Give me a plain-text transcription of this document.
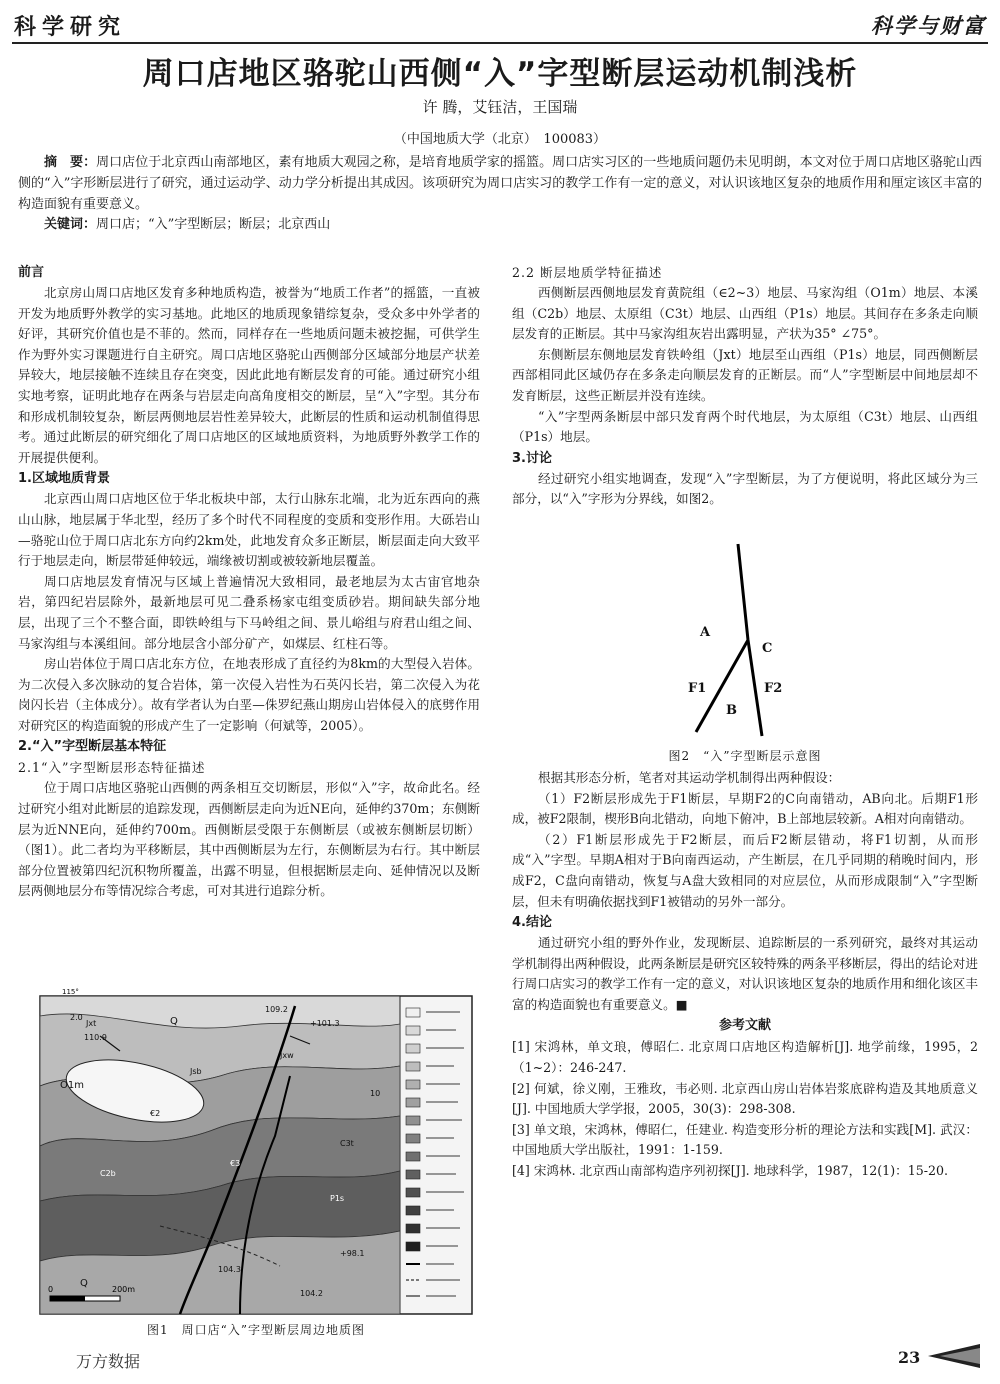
科学研究	科学与财富
周口店地区骆驼山西侧“入”字型断层运动机制浅析
许 腾，艾钰洁，王国瑞
（中国地质大学（北京）　100083）
摘　要：周口店位于北京西山南部地区，素有地质大观园之称，是培育地质学家的摇篮。周口店实习区的一些地质问题仍未见明朗，本文对位于周口店地区骆驼山西侧的“入”字形断层进行了研究，通过运动学、动力学分析提出其成因。该项研究为周口店实习的教学工作有一定的意义，对认识该地区复杂的地质作用和厘定该区丰富的构造面貌有重要意义。
关键词：周口店；“入”字型断层；断层；北京西山
前言

北京房山周口店地区发育多种地质构造，被誉为“地质工作者”的摇篮，一直被开发为地质野外教学的实习基地。此地区的地质现象错综复杂，受众多中外学者的好评，其研究价值也是不菲的。然而，同样存在一些地质问题未被挖掘，可供学生作为野外实习课题进行自主研究。周口店地区骆驼山西侧部分区域部分地层产状差异较大，地层接触不连续且存在突变，因此此地有断层发育的可能。通过研究小组实地考察，证明此地存在两条与岩层走向高角度相交的断层，呈“入”字型。其分布和形成机制较复杂，断层两侧地层岩性差异较大，此断层的性质和运动机制值得思考。通过此断层的研究细化了周口店地区的区域地质资料，为地质野外教学工作的开展提供便利。

1.区域地质背景

北京西山周口店地区位于华北板块中部，太行山脉东北端，北为近东西向的燕山山脉，地层属于华北型，经历了多个时代不同程度的变质和变形作用。大砾岩山—骆驼山位于周口店北东方向约2km处，此地发育众多正断层，断层面走向大致平行于地层走向，断层带延伸较远，端缘被切割或被较新地层覆盖。

周口店地层发育情况与区域上普遍情况大致相同，最老地层为太古宙官地杂岩，第四纪岩层除外，最新地层可见二叠系杨家屯组变质砂岩。期间缺失部分地层，出现了三个不整合面，即铁岭组与下马岭组之间、景儿峪组与府君山组之间、马家沟组与本溪组间。部分地层含小部分矿产，如煤层、红柱石等。

房山岩体位于周口店北东方位，在地表形成了直径约为8km的大型侵入岩体。为二次侵入多次脉动的复合岩体，第一次侵入岩性为石英闪长岩，第二次侵入为花岗闪长岩（主体成分）。故有学者认为白垩—侏罗纪燕山期房山岩体侵入的底劈作用对研究区的构造面貌的形成产生了一定影响（何斌等，2005）。

2.“入”字型断层基本特征
2.1“入”字型断层形态特征描述

位于周口店地区骆驼山西侧的两条相互交切断层，形似“入”字，故命此名。经过研究小组对此断层的追踪发现，西侧断层走向为近NE向，延伸约370m；东侧断层为近NNE向，延伸约700m。西侧断层受限于东侧断层（或被东侧断层切断）（图1）。此二者均为平移断层，其中西侧断层为左行，东侧断层为右行。其中断层部分位置被第四纪沉积物所覆盖，出露不明显，但根据断层走向、延伸情况以及断层两侧地层分布等情况综合考虑，可对其进行追踪分析。

115°
109.2
110.9
+101.3
2.0
Jxt	Q
Jxw
Jsb
O1m
€2
€3
P1s
C3t
C2b
Q
104.3
104.2
+98.1
10
0	200m
图1　周口店“入”字型断层周边地质图
2.2 断层地质学特征描述

西侧断层西侧地层发育黄院组（∈2~3）地层、马家沟组（O1m）地层、本溪组（C2b）地层、太原组（C3t）地层、山西组（P1s）地层。其间存在多条走向顺层发育的正断层。其中马家沟组灰岩出露明显，产状为35° ∠75°。

东侧断层东侧地层发育铁岭组（Jxt）地层至山西组（P1s）地层，同西侧断层西部相同此区域仍存在多条走向顺层发育的正断层。而“人”字型断层中间地层却不发育断层，这些正断层并没有连续。

“入”字型两条断层中部只发育两个时代地层，为太原组（C3t）地层、山西组（P1s）地层。

3.讨论

经过研究小组实地调查，发现“入”字型断层，为了方便说明，将此区域分为三部分，以“入”字形为分界线，如图2。

根据其形态分析，笔者对其运动学机制得出两种假设：

（1）F2断层形成先于F1断层，早期F2的C向南错动，AB向北。后期F1形成，被F2限制，楔形B向北错动，向地下俯冲，B上部地层较新。A相对向南错动。

（2）F1断层形成先于F2断层，而后F2断层错动，将F1切割，从而形成“入”字型。早期A相对于B向南西运动，产生断层，在几乎同期的稍晚时间内，形成F2，C盘向南错动，恢复与A盘大致相同的对应层位，从而形成限制“入”字型断层，但未有明确依据找到F1被错动的另外一部分。

4.结论

通过研究小组的野外作业，发现断层、追踪断层的一系列研究，最终对其运动学机制得出两种假设，此两条断层是研究区较特殊的两条平移断层，得出的结论对进行周口店实习的教学工作有一定的意义，对认识该地区复杂的地质作用和细化该区丰富的构造面貌也有重要意义。■

参考文献

[1] 宋鸿林，单文琅，傅昭仁. 北京周口店地区构造解析[J]. 地学前缘，1995，2（1~2）：246-247.

[2] 何斌，徐义刚，王雅玫，韦必则. 北京西山房山岩体岩浆底辟构造及其地质意义[J]. 中国地质大学学报，2005，30(3)：298-308.

[3] 单文琅，宋鸿林，傅昭仁，任建业. 构造变形分析的理论方法和实践[M]. 武汉：中国地质大学出版社，1991：1-159.

[4] 宋鸿林. 北京西山南部构造序列初探[J]. 地球科学，1987，12(1)：15-20.

A
C
F1	F2
B
图2　“入”字型断层示意图
万方数据	23
